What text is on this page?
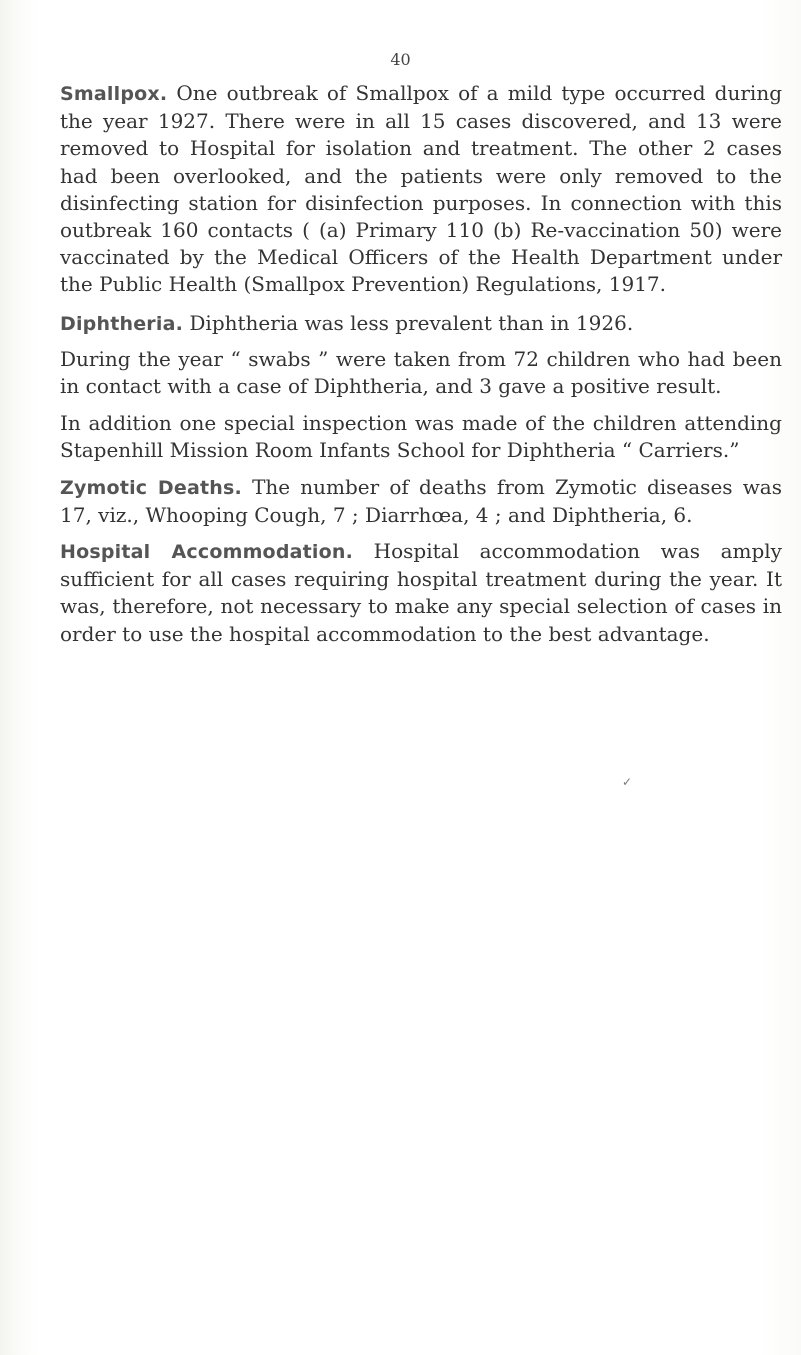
40

Smallpox. One outbreak of Smallpox of a mild type occurred during the year 1927. There were in all 15 cases discovered, and 13 were removed to Hospital for isolation and treatment. The other 2 cases had been overlooked, and the patients were only removed to the disinfecting station for disinfection purposes. In connection with this outbreak 160 contacts ( (a) Primary 110 (b) Re-vaccination 50) were vaccinated by the Medical Officers of the Health Department under the Public Health (Smallpox Prevention) Regulations, 1917.

Diphtheria. Diphtheria was less prevalent than in 1926.

During the year “ swabs ” were taken from 72 children who had been in contact with a case of Diphtheria, and 3 gave a positive result.

In addition one special inspection was made of the children attending Stapenhill Mission Room Infants School for Diphtheria “ Carriers.”

Zymotic Deaths. The number of deaths from Zymotic diseases was 17, viz., Whooping Cough, 7 ; Diarrhœa, 4 ; and Diphtheria, 6.

Hospital Accommodation. Hospital accommodation was amply sufficient for all cases requiring hospital treatment during the year. It was, therefore, not necessary to make any special selection of cases in order to use the hospital accommodation to the best advantage.

✓
